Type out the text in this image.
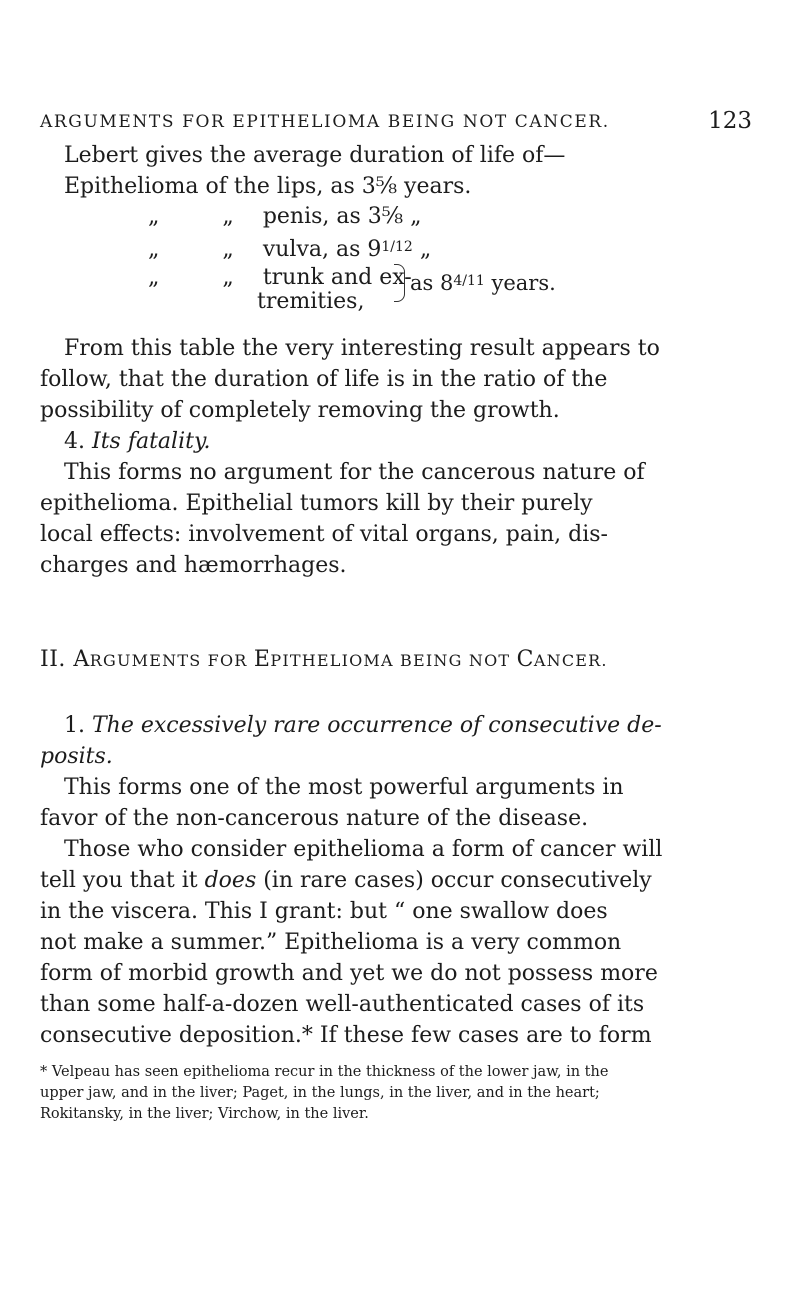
ARGUMENTS FOR EPITHELIOMA BEING NOT CANCER.	123
Lebert gives the average duration of life of—
Epithelioma of the lips, as 3⅝ years.
„	„ penis, as 3⅝ „
„	„ vulva, as $9^{1/12}$ „
„	„ trunk and ex-
tremities,
as $8^{4/11}$ years.
From this table the very interesting result appears to
follow, that the duration of life is in the ratio of the
possibility of completely removing the growth.
4. Its fatality.
This forms no argument for the cancerous nature of
epithelioma. Epithelial tumors kill by their purely
local effects: involvement of vital organs, pain, dis-
charges and hæmorrhages.
II. ARGUMENTS FOR EPITHELIOMA BEING NOT CANCER.
1. The excessively rare occurrence of consecutive de-
posits.
This forms one of the most powerful arguments in
favor of the non-cancerous nature of the disease.
Those who consider epithelioma a form of cancer will
tell you that it does (in rare cases) occur consecutively
in the viscera. This I grant: but “ one swallow does
not make a summer.” Epithelioma is a very common
form of morbid growth and yet we do not possess more
than some half-a-dozen well-authenticated cases of its
consecutive deposition.* If these few cases are to form
* Velpeau has seen epithelioma recur in the thickness of the lower jaw, in the
upper jaw, and in the liver; Paget, in the lungs, in the liver, and in the heart;
Rokitansky, in the liver; Virchow, in the liver.
